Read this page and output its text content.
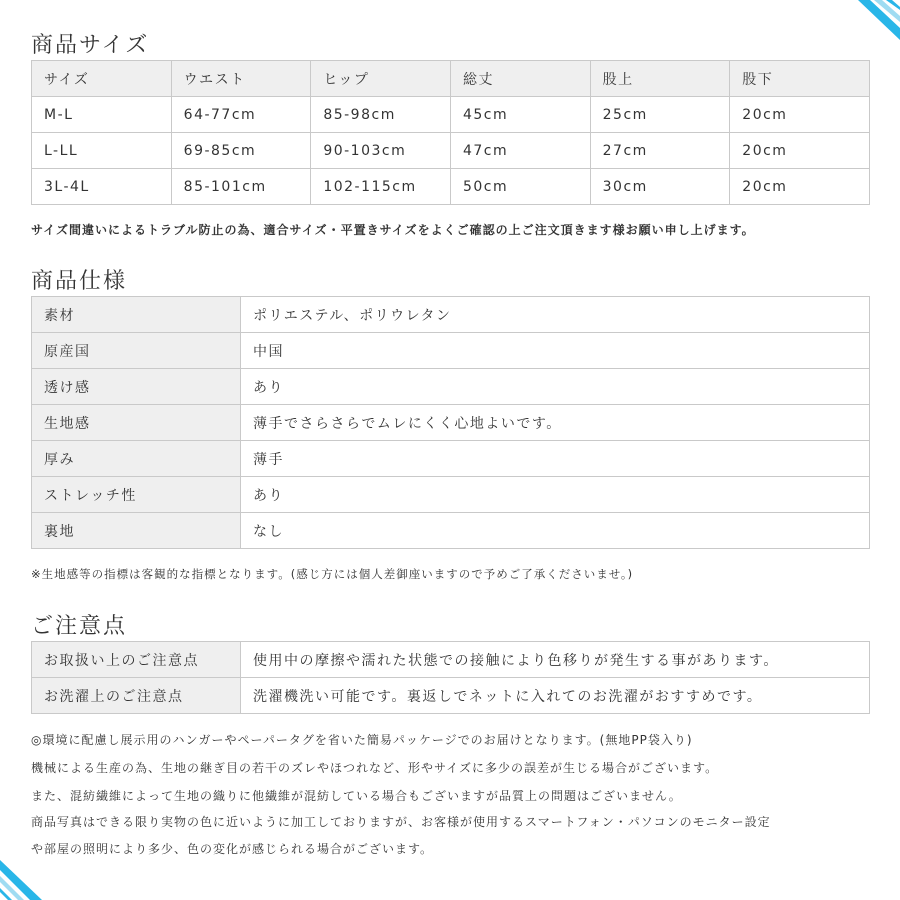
商品サイズ
サイズ	ウエスト	ヒップ	総丈	股上	股下
M-L	64-77cm	85-98cm	45cm	25cm	20cm
L-LL	69-85cm	90-103cm	47cm	27cm	20cm
3L-4L	85-101cm	102-115cm	50cm	30cm	20cm
サイズ間違いによるトラブル防止の為、適合サイズ・平置きサイズをよくご確認の上ご注文頂きます様お願い申し上げます。
商品仕様
素材	ポリエステル、ポリウレタン
原産国	中国
透け感	あり
生地感	薄手でさらさらでムレにくく心地よいです。
厚み	薄手
ストレッチ性	あり
裏地	なし
※生地感等の指標は客観的な指標となります。(感じ方には個人差御座いますので予めご了承くださいませ。)
ご注意点
お取扱い上のご注意点	使用中の摩擦や濡れた状態での接触により色移りが発生する事があります。
お洗濯上のご注意点	洗濯機洗い可能です。裏返しでネットに入れてのお洗濯がおすすめです。
◎環境に配慮し展示用のハンガーやペーパータグを省いた簡易パッケージでのお届けとなります。(無地PP袋入り)
機械による生産の為、生地の継ぎ目の若干のズレやほつれなど、形やサイズに多少の誤差が生じる場合がございます。
また、混紡繊維によって生地の織りに他繊維が混紡している場合もございますが品質上の問題はございません。
商品写真はできる限り実物の色に近いように加工しておりますが、お客様が使用するスマートフォン・パソコンのモニター設定
や部屋の照明により多少、色の変化が感じられる場合がございます。
